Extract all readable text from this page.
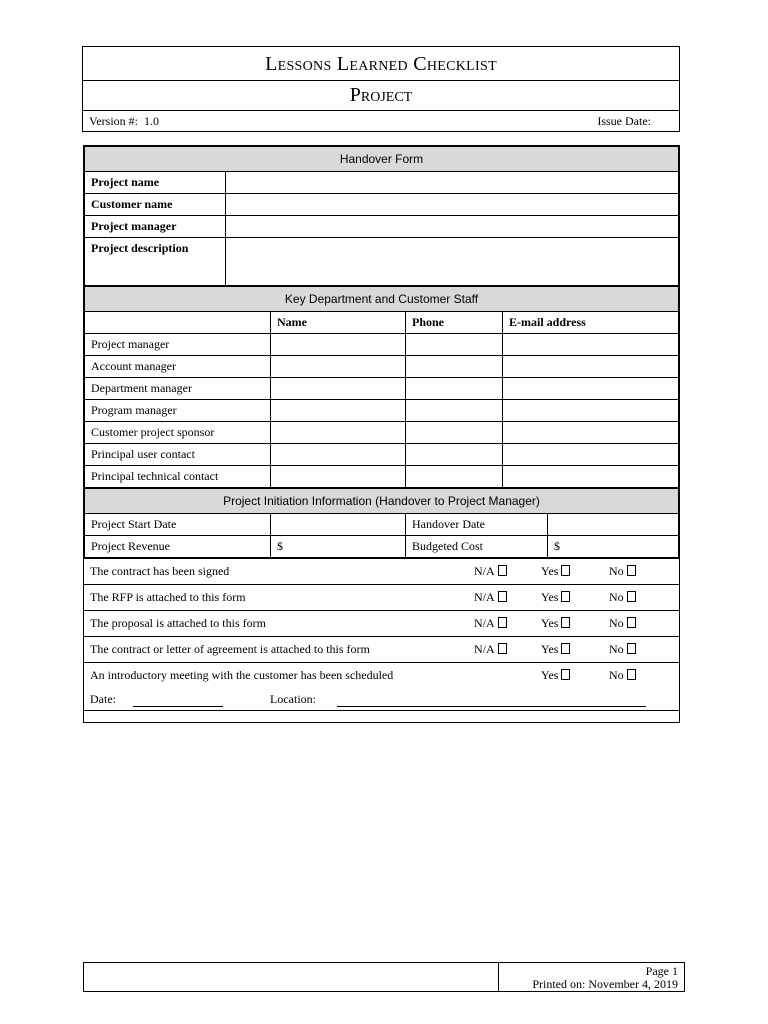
Lessons Learned Checklist
Project
Version #: 1.0	Issue Date:
Handover Form	
Project name	
Customer name	
Project manager	
Project description	
Key Department and Customer Staff			
	Name	Phone	E-mail address
Project manager			
Account manager			
Department manager			
Program manager			
Customer project sponsor			
Principal user contact			
Principal technical contact			
Project Initiation Information (Handover to Project Manager)			
Project Start Date		Handover Date	
Project Revenue	$	Budgeted Cost	$
The contract has been signed	N/A	Yes	No
The RFP is attached to this form	N/A	Yes	No
The proposal is attached to this form	N/A	Yes	No
The contract or letter of agreement is attached to this form	N/A	Yes	No
An introductory meeting with the customer has been scheduled		Yes	No
Date: Location:			
Page 1
Printed on: November 4, 2019
